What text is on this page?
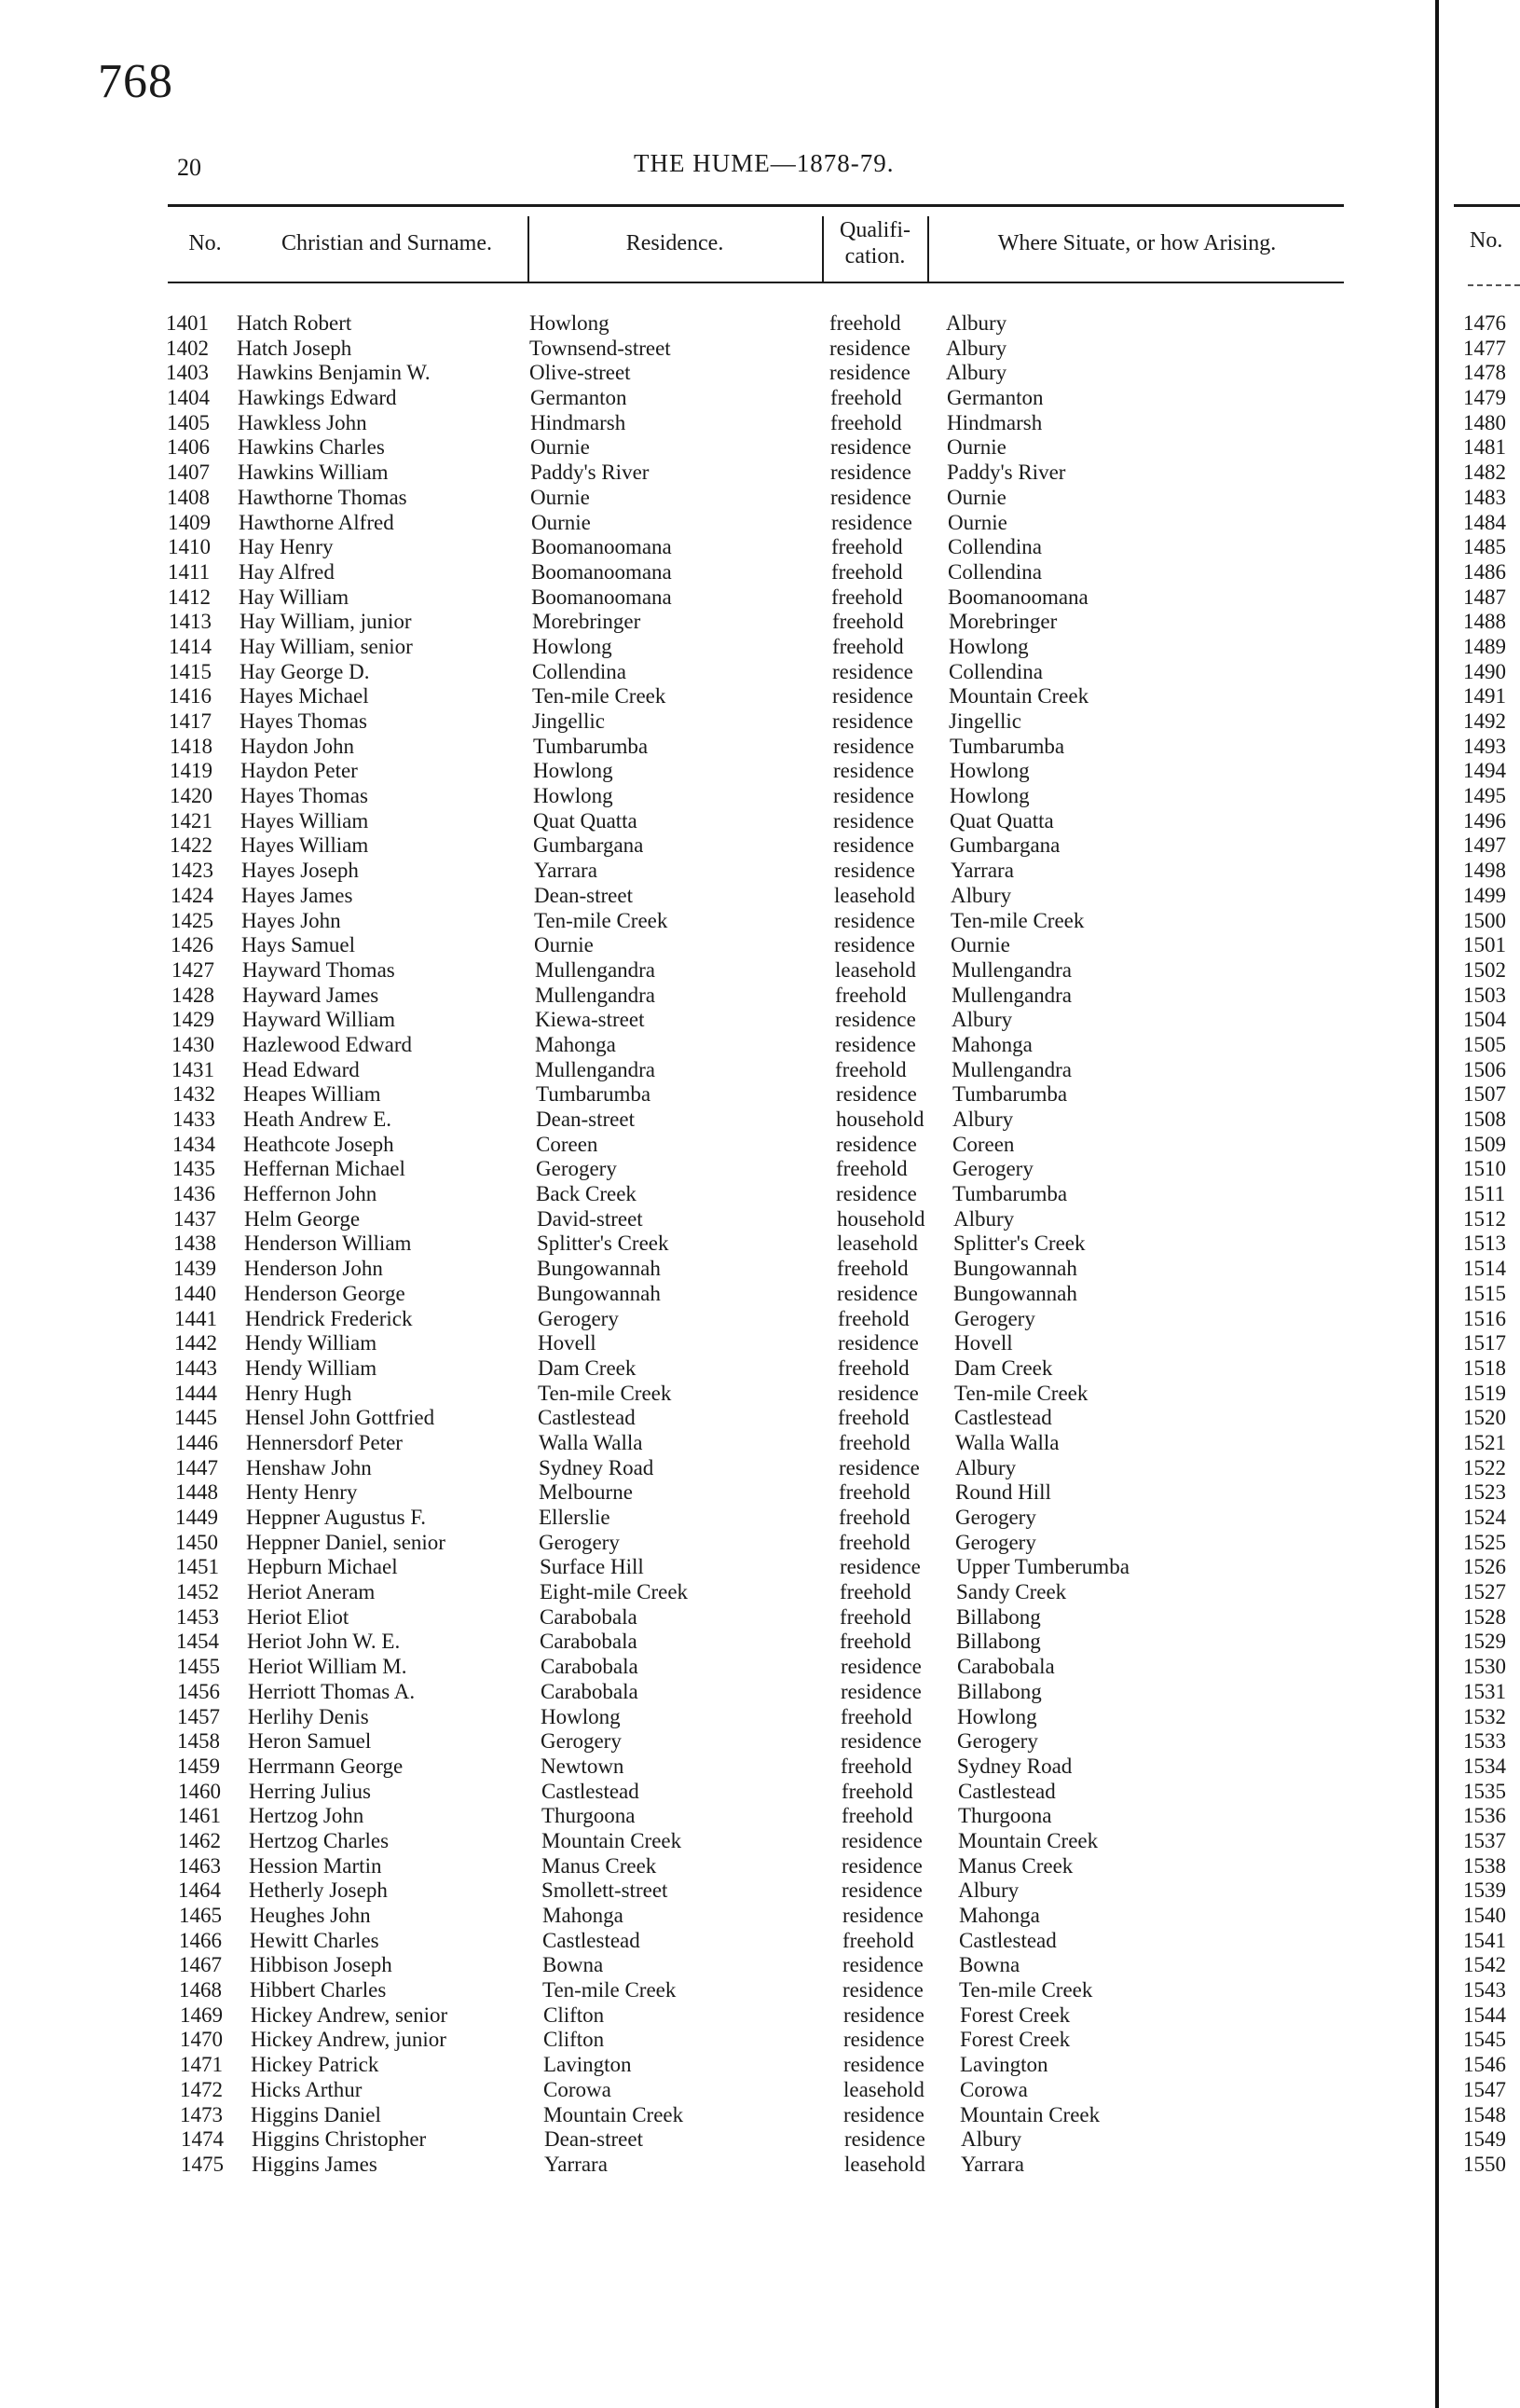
768
20	THE HUME—1878-79.
No.	Christian and Surname.	Residence.
Qualifi- cation.
Where Situate, or how Arising.
1401 Hatch Robert	Howlong	freehold Albury
1402 Hatch Joseph	Townsend-street	residence Albury
1403 Hawkins Benjamin W.	Olive-street	residence Albury
1404 Hawkings Edward	Germanton	freehold Germanton
1405 Hawkless John	Hindmarsh	freehold Hindmarsh
1406 Hawkins Charles	Ournie	residence Ournie
1407 Hawkins William	Paddy's River	residence Paddy's River
1408 Hawthorne Thomas	Ournie	residence Ournie
1409 Hawthorne Alfred	Ournie	residence Ournie
1410 Hay Henry	Boomanoomana	freehold Collendina
1411 Hay Alfred	Boomanoomana	freehold Collendina
1412 Hay William	Boomanoomana	freehold Boomanoomana
1413 Hay William, junior	Morebringer	freehold Morebringer
1414 Hay William, senior	Howlong	freehold Howlong
1415 Hay George D.	Collendina	residence Collendina
1416 Hayes Michael	Ten-mile Creek	residence Mountain Creek
1417 Hayes Thomas	Jingellic	residence Jingellic
1418 Haydon John	Tumbarumba	residence Tumbarumba
1419 Haydon Peter	Howlong	residence Howlong
1420 Hayes Thomas	Howlong	residence Howlong
1421 Hayes William	Quat Quatta	residence Quat Quatta
1422 Hayes William	Gumbargana	residence Gumbargana
1423 Hayes Joseph	Yarrara	residence Yarrara
1424 Hayes James	Dean-street	leasehold Albury
1425 Hayes John	Ten-mile Creek	residence Ten-mile Creek
1426 Hays Samuel	Ournie	residence Ournie
1427 Hayward Thomas	Mullengandra	leasehold Mullengandra
1428 Hayward James	Mullengandra	freehold Mullengandra
1429 Hayward William	Kiewa-street	residence Albury
1430 Hazlewood Edward	Mahonga	residence Mahonga
1431 Head Edward	Mullengandra	freehold Mullengandra
1432 Heapes William	Tumbarumba	residence Tumbarumba
1433 Heath Andrew E.	Dean-street	household Albury
1434 Heathcote Joseph	Coreen	residence Coreen
1435 Heffernan Michael	Gerogery	freehold Gerogery
1436 Heffernon John	Back Creek	residence Tumbarumba
1437 Helm George	David-street	household Albury
1438 Henderson William	Splitter's Creek	leasehold Splitter's Creek
1439 Henderson John	Bungowannah	freehold Bungowannah
1440 Henderson George	Bungowannah	residence Bungowannah
1441 Hendrick Frederick	Gerogery	freehold Gerogery
1442 Hendy William	Hovell	residence Hovell
1443 Hendy William	Dam Creek	freehold Dam Creek
1444 Henry Hugh	Ten-mile Creek	residence Ten-mile Creek
1445 Hensel John Gottfried	Castlestead	freehold Castlestead
1446 Hennersdorf Peter	Walla Walla	freehold Walla Walla
1447 Henshaw John	Sydney Road	residence Albury
1448 Henty Henry	Melbourne	freehold Round Hill
1449 Heppner Augustus F.	Ellerslie	freehold Gerogery
1450 Heppner Daniel, senior	Gerogery	freehold Gerogery
1451 Hepburn Michael	Surface Hill	residence Upper Tumberumba
1452 Heriot Aneram	Eight-mile Creek	freehold Sandy Creek
1453 Heriot Eliot	Carabobala	freehold Billabong
1454 Heriot John W. E.	Carabobala	freehold Billabong
1455 Heriot William M.	Carabobala	residence Carabobala
1456 Herriott Thomas A.	Carabobala	residence Billabong
1457 Herlihy Denis	Howlong	freehold Howlong
1458 Heron Samuel	Gerogery	residence Gerogery
1459 Herrmann George	Newtown	freehold Sydney Road
1460 Herring Julius	Castlestead	freehold Castlestead
1461 Hertzog John	Thurgoona	freehold Thurgoona
1462 Hertzog Charles	Mountain Creek	residence Mountain Creek
1463 Hession Martin	Manus Creek	residence Manus Creek
1464 Hetherly Joseph	Smollett-street	residence Albury
1465 Heughes John	Mahonga	residence Mahonga
1466 Hewitt Charles	Castlestead	freehold Castlestead
1467 Hibbison Joseph	Bowna	residence Bowna
1468 Hibbert Charles	Ten-mile Creek	residence Ten-mile Creek
1469 Hickey Andrew, senior	Clifton	residence Forest Creek
1470 Hickey Andrew, junior	Clifton	residence Forest Creek
1471 Hickey Patrick	Lavington	residence Lavington
1472 Hicks Arthur	Corowa	leasehold Corowa
1473 Higgins Daniel	Mountain Creek	residence Mountain Creek
1474 Higgins Christopher	Dean-street	residence Albury
1475 Higgins James	Yarrara	leasehold Yarrara
No.
1476
1477
1478
1479
1480
1481
1482
1483
1484
1485
1486
1487
1488
1489
1490
1491
1492
1493
1494
1495
1496
1497
1498
1499
1500
1501
1502
1503
1504
1505
1506
1507
1508
1509
1510
1511
1512
1513
1514
1515
1516
1517
1518
1519
1520
1521
1522
1523
1524
1525
1526
1527
1528
1529
1530
1531
1532
1533
1534
1535
1536
1537
1538
1539
1540
1541
1542
1543
1544
1545
1546
1547
1548
1549
1550
